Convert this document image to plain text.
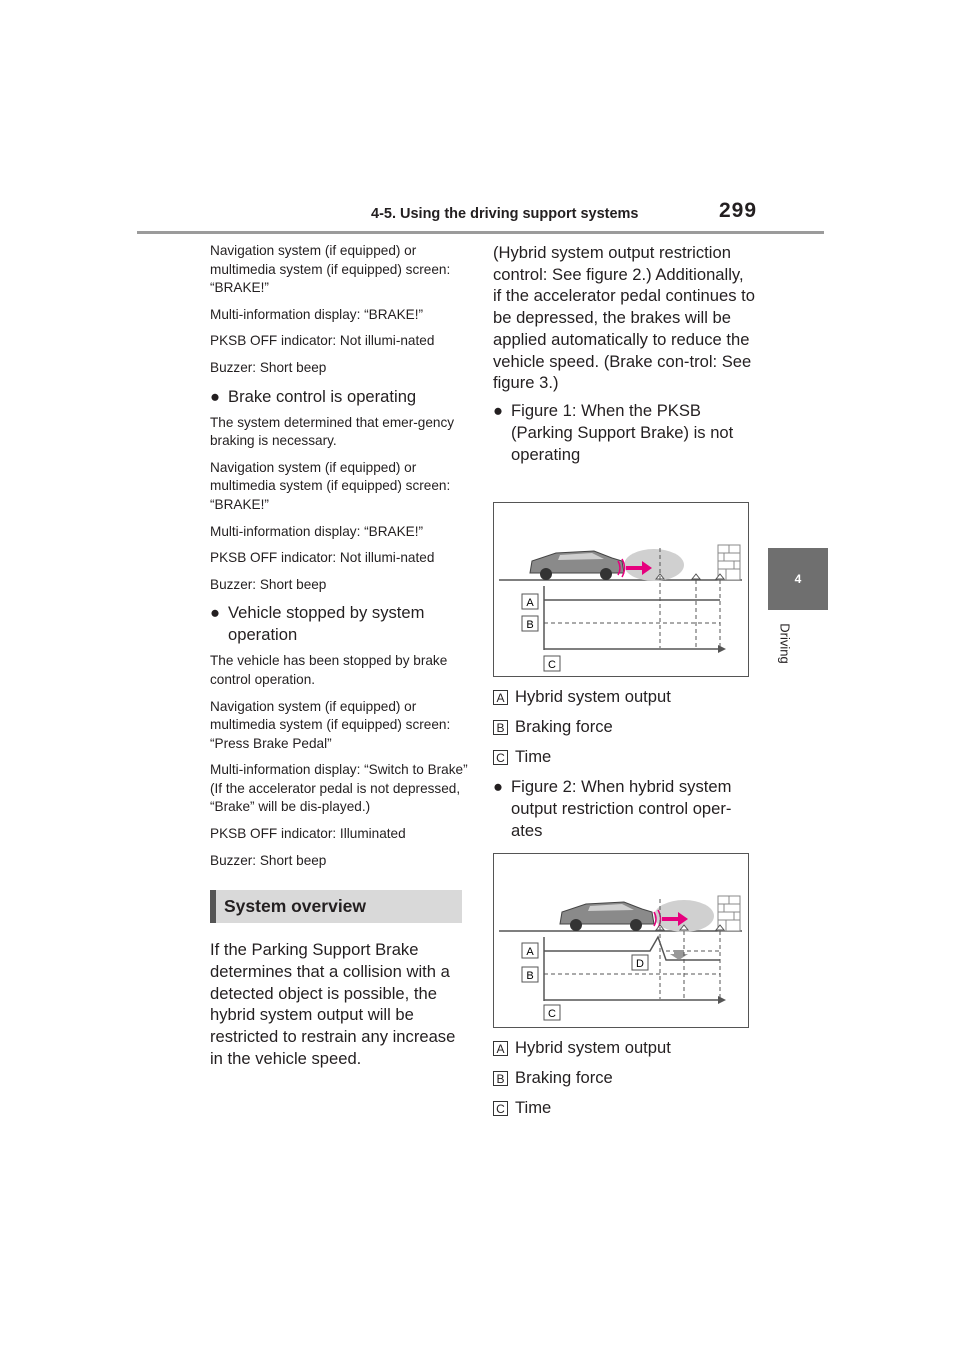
4-5. Using the driving support systems	299
4
Driving

Navigation system (if equipped) or multimedia system (if equipped) screen: “BRAKE!”

Multi-information display: “BRAKE!”

PKSB OFF indicator: Not illumi-nated

Buzzer: Short beep

● Brake control is operating

The system determined that emer-gency braking is necessary.

Navigation system (if equipped) or multimedia system (if equipped) screen: “BRAKE!”

Multi-information display: “BRAKE!”

PKSB OFF indicator: Not illumi-nated

Buzzer: Short beep

● Vehicle stopped by system operation

The vehicle has been stopped by brake control operation.

Navigation system (if equipped) or multimedia system (if equipped) screen: “Press Brake Pedal”

Multi-information display: “Switch to Brake” (If the accelerator pedal is not depressed, “Brake” will be dis-played.)

PKSB OFF indicator: Illuminated

Buzzer: Short beep

System overview

If the Parking Support Brake determines that a collision with a detected object is possible, the hybrid system output will be restricted to restrain any increase in the vehicle speed.

(Hybrid system output restriction control: See figure 2.) Additionally, if the accelerator pedal continues to be depressed, the brakes will be applied automatically to reduce the vehicle speed. (Brake con-trol: See figure 3.)

● Figure 1: When the PKSB (Parking Support Brake) is not operating
A
B
C
A Hybrid system output
B Braking force
C Time
● Figure 2: When hybrid system output restriction control oper-ates
A
B
D
C
A Hybrid system output
B Braking force
C Time
